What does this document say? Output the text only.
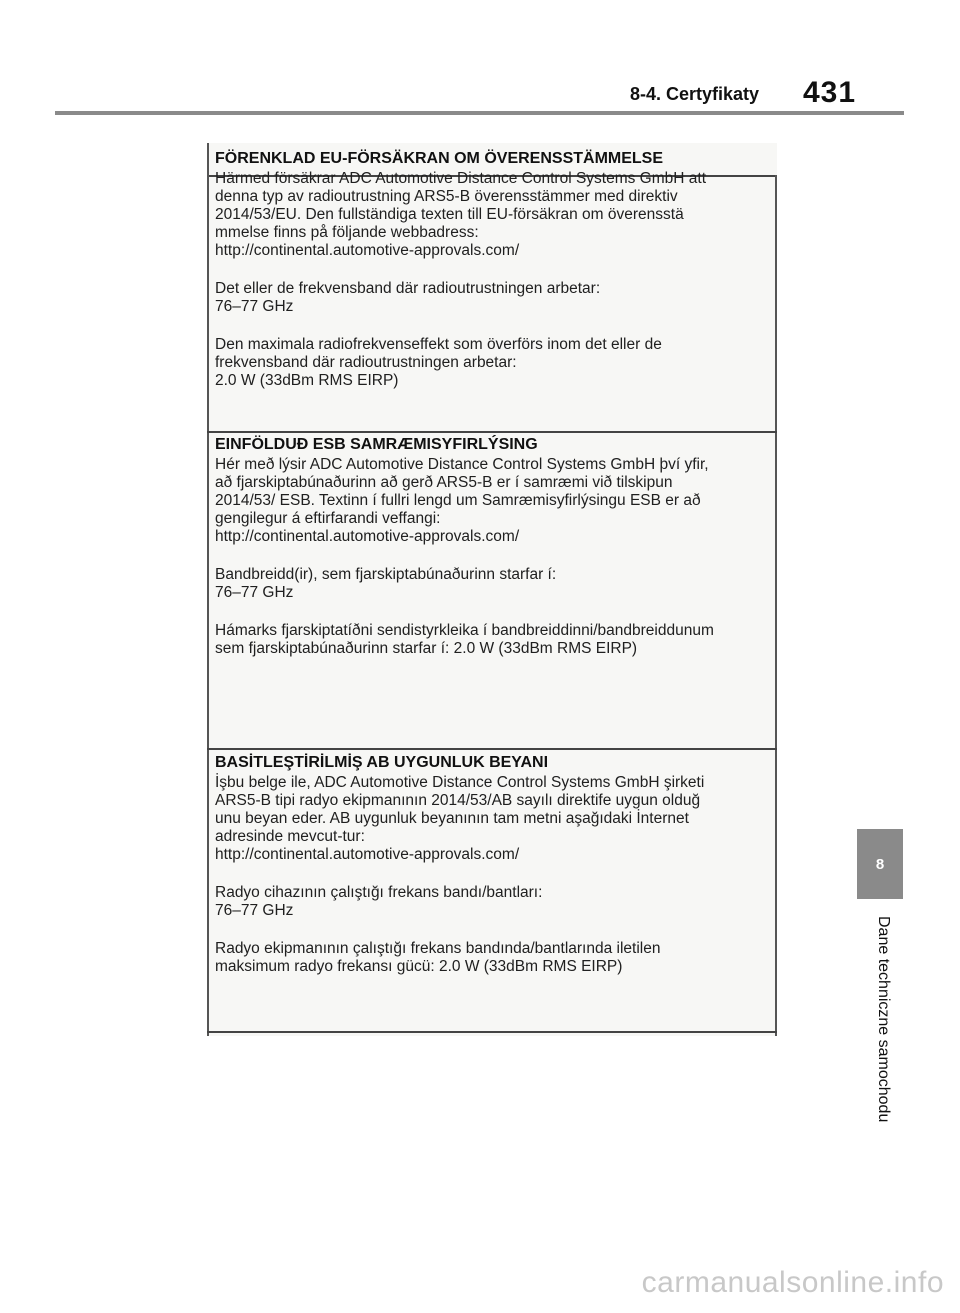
8-4. Certyfikaty 431
8
Dane techniczne samochodu
FÖRENKLAD EU-FÖRSÄKRAN OM ÖVERENSSTÄMMELSE

Härmed försäkrar ADC Automotive Distance Control Systems GmbH att
denna typ av radioutrustning ARS5-B överensstämmer med direktiv
2014/53/EU. Den fullständiga texten till EU-försäkran om överensstä
mmelse finns på följande webbadress:
http://continental.automotive-approvals.com/

Det eller de frekvensband där radioutrustningen arbetar:
76–77 GHz

Den maximala radiofrekvenseffekt som överförs inom det eller de
frekvensband där radioutrustningen arbetar:
2.0 W (33dBm RMS EIRP)

EINFÖLDUÐ ESB SAMRÆMISYFIRLÝSING

Hér með lýsir ADC Automotive Distance Control Systems GmbH því yfir,
að fjarskiptabúnaðurinn að gerð ARS5-B er í samræmi við tilskipun
2014/53/ ESB. Textinn í fullri lengd um Samræmisyfirlýsingu ESB er að
gengilegur á eftirfarandi veffangi:
http://continental.automotive-approvals.com/

Bandbreidd(ir), sem fjarskiptabúnaðurinn starfar í:
76–77 GHz

Hámarks fjarskiptatíðni sendistyrkleika í bandbreiddinni/bandbreiddunum
sem fjarskiptabúnaðurinn starfar í: 2.0 W (33dBm RMS EIRP)

BASİTLEŞTİRİLMİŞ AB UYGUNLUK BEYANI

İşbu belge ile, ADC Automotive Distance Control Systems GmbH şirketi
ARS5-B tipi radyo ekipmanının 2014/53/AB sayılı direktife uygun olduğ
unu beyan eder. AB uygunluk beyanının tam metni aşağıdaki İnternet
adresinde mevcut-tur:
http://continental.automotive-approvals.com/

Radyo cihazının çalıştığı frekans bandı/bantları:
76–77 GHz

Radyo ekipmanının çalıştığı frekans bandında/bantlarında iletilen
maksimum radyo frekansı gücü: 2.0 W (33dBm RMS EIRP)

carmanualsonline.info
